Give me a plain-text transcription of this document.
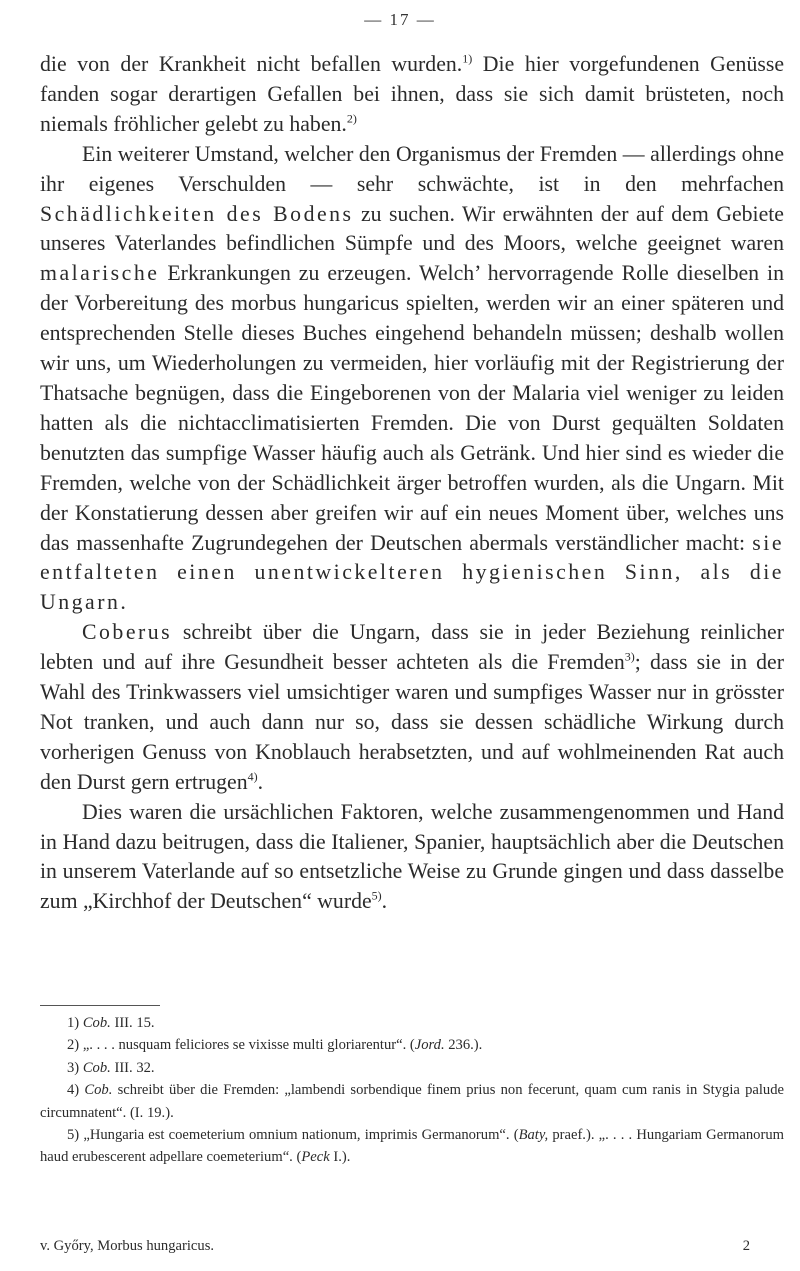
— 17 —

die von der Krankheit nicht befallen wurden.$^{1)}$ Die hier vorgefundenen Genüsse fanden sogar derartigen Gefallen bei ihnen, dass sie sich damit brüsteten, noch niemals fröhlicher gelebt zu haben.$^{2)}$

Ein weiterer Umstand, welcher den Organismus der Fremden — allerdings ohne ihr eigenes Verschulden — sehr schwächte, ist in den mehrfachen Schädlichkeiten des Bodens zu suchen. Wir erwähnten der auf dem Gebiete unseres Vaterlandes befindlichen Sümpfe und des Moors, welche geeignet waren malarische Erkrankungen zu erzeugen. Welch’ hervorragende Rolle dieselben in der Vorbereitung des morbus hungaricus spielten, werden wir an einer späteren und entsprechenden Stelle dieses Buches eingehend behandeln müssen; deshalb wollen wir uns, um Wiederholungen zu vermeiden, hier vorläufig mit der Registrierung der Thatsache begnügen, dass die Eingeborenen von der Malaria viel weniger zu leiden hatten als die nichtacclimatisierten Fremden. Die von Durst gequälten Soldaten benutzten das sumpfige Wasser häufig auch als Getränk. Und hier sind es wieder die Fremden, welche von der Schädlichkeit ärger betroffen wurden, als die Ungarn. Mit der Konstatierung dessen aber greifen wir auf ein neues Moment über, welches uns das massenhafte Zugrundegehen der Deutschen abermals verständlicher macht: sie entfalteten einen unentwickelteren hygienischen Sinn, als die Ungarn.

Coberus schreibt über die Ungarn, dass sie in jeder Beziehung reinlicher lebten und auf ihre Gesundheit besser achteten als die Fremden$^{3)}$; dass sie in der Wahl des Trinkwassers viel umsichtiger waren und sumpfiges Wasser nur in grösster Not tranken, und auch dann nur so, dass sie dessen schädliche Wirkung durch vorherigen Genuss von Knoblauch herabsetzten, und auf wohlmeinenden Rat auch den Durst gern ertrugen$^{4)}$.

Dies waren die ursächlichen Faktoren, welche zusammengenommen und Hand in Hand dazu beitrugen, dass die Italiener, Spanier, hauptsächlich aber die Deutschen in unserem Vaterlande auf so entsetzliche Weise zu Grunde gingen und dass dasselbe zum „Kirchhof der Deutschen“ wurde$^{5)}$.

1) Cob. III. 15.

2) „. . . . nusquam feliciores se vixisse multi gloriarentur“. (Jord. 236.).

3) Cob. III. 32.

4) Cob. schreibt über die Fremden: „lambendi sorbendique finem prius non fecerunt, quam cum ranis in Stygia palude circumnatent“. (I. 19.).

5) „Hungaria est coemeterium omnium nationum, imprimis Germanorum“. (Baty, praef.). „. . . . Hungariam Germanorum haud erubescerent adpellare coemeterium“. (Peck I.).

v. Győry, Morbus hungaricus.	2
